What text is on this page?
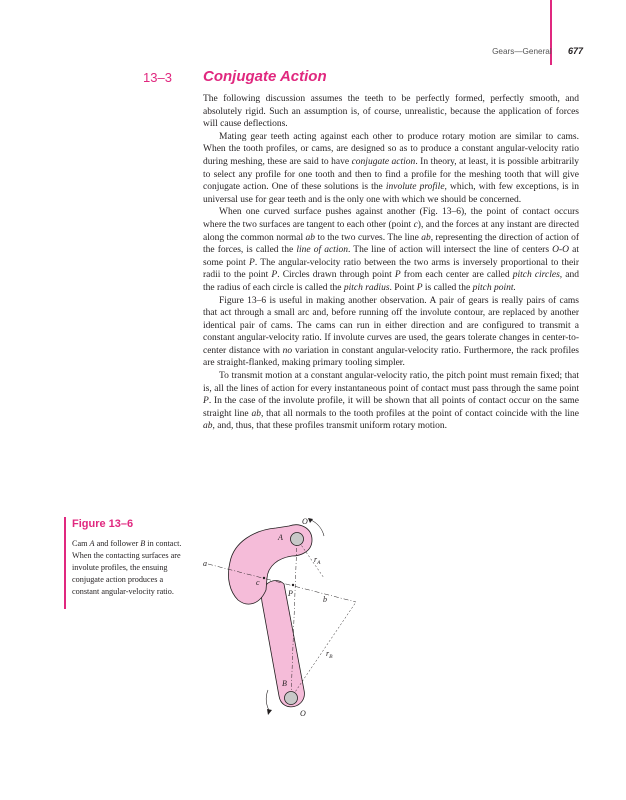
Gears—General 677
13–3 Conjugate Action

The following discussion assumes the teeth to be perfectly formed, perfectly smooth, and absolutely rigid. Such an assumption is, of course, unrealistic, because the application of forces will cause deflections.

Mating gear teeth acting against each other to produce rotary motion are similar to cams. When the tooth profiles, or cams, are designed so as to produce a constant angular-velocity ratio during meshing, these are said to have conjugate action. In theory, at least, it is possible arbitrarily to select any profile for one tooth and then to find a profile for the meshing tooth that will give conjugate action. One of these solutions is the involute profile, which, with few exceptions, is in universal use for gear teeth and is the only one with which we should be concerned.

When one curved surface pushes against another (Fig. 13–6), the point of contact occurs where the two surfaces are tangent to each other (point c), and the forces at any instant are directed along the common normal ab to the two curves. The line ab, representing the direction of action of the forces, is called the line of action. The line of action will intersect the line of centers O-O at some point P. The angular-velocity ratio between the two arms is inversely proportional to their radii to the point P. Circles drawn through point P from each center are called pitch circles, and the radius of each circle is called the pitch radius. Point P is called the pitch point.

Figure 13–6 is useful in making another observation. A pair of gears is really pairs of cams that act through a small arc and, before running off the involute contour, are replaced by another identical pair of cams. The cams can run in either direction and are configured to transmit a constant angular-velocity ratio. If involute curves are used, the gears tolerate changes in center-to-center distance with no variation in constant angular-velocity ratio. Furthermore, the rack profiles are straight-flanked, making primary tooling simpler.

To transmit motion at a constant angular-velocity ratio, the pitch point must remain fixed; that is, all the lines of action for every instantaneous point of contact must pass through the same point P. In the case of the involute profile, it will be shown that all points of contact occur on the same straight line ab, that all normals to the tooth profiles at the point of contact coincide with the line ab, and, thus, that these profiles transmit uniform rotary motion.

Figure 13–6
Cam A and follower B in contact. When the contacting surfaces are involute profiles, the ensuing conjugate action produces a constant angular-velocity ratio.
A
O
a
c
P
b
B
O
$r_A$
$r_B$
